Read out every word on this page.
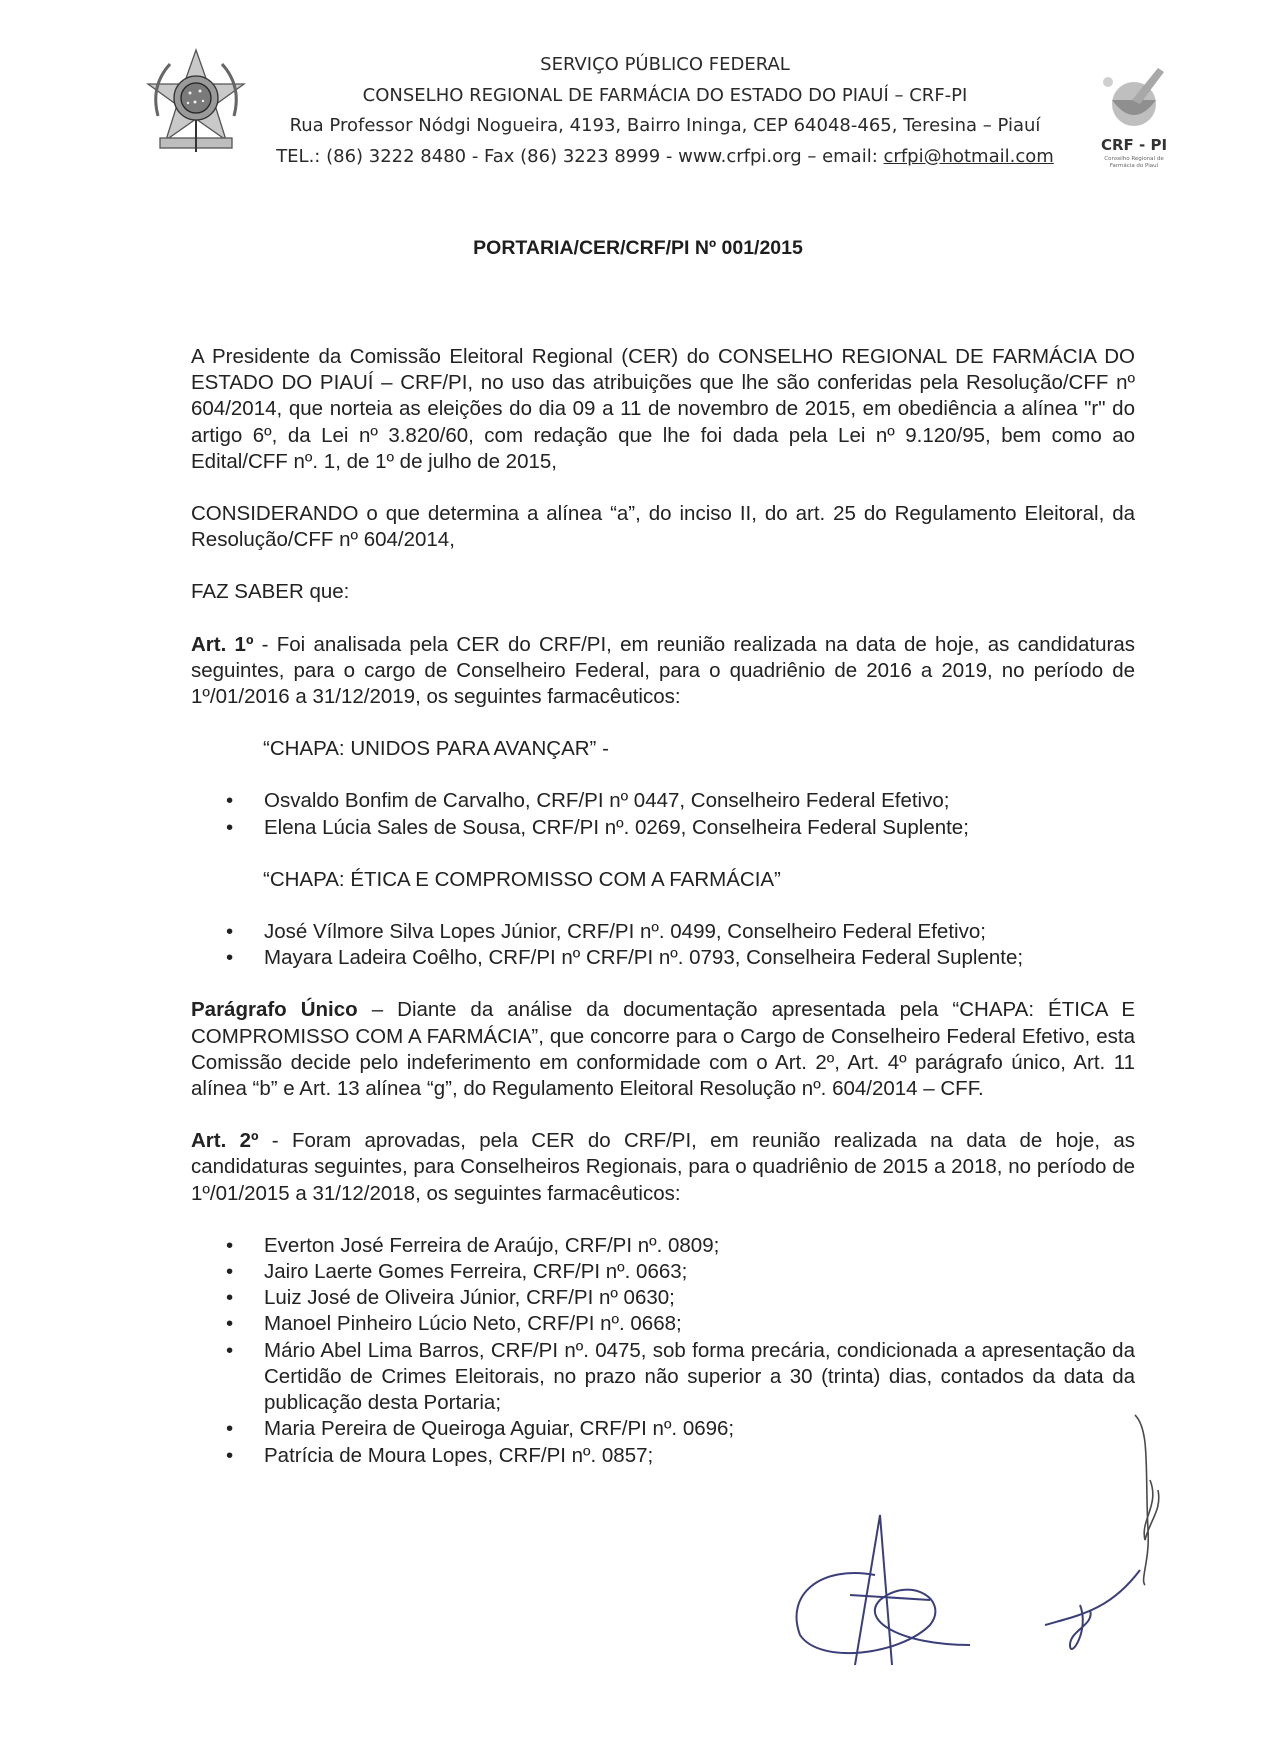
SERVIÇO PÚBLICO FEDERAL
CONSELHO REGIONAL DE FARMÁCIA DO ESTADO DO PIAUÍ – CRF-PI
Rua Professor Nódgi Nogueira, 4193, Bairro Ininga, CEP 64048-465, Teresina – Piauí
TEL.: (86) 3222 8480 - Fax (86) 3223 8999 - www.crfpi.org – email: crfpi@hotmail.com
CRF - PI
Conselho Regional de
Farmácia do Piauí
PORTARIA/CER/CRF/PI Nº 001/2015

A Presidente da Comissão Eleitoral Regional (CER) do CONSELHO REGIONAL DE FARMÁCIA DO ESTADO DO PIAUÍ – CRF/PI, no uso das atribuições que lhe são conferidas pela Resolução/CFF nº 604/2014, que norteia as eleições do dia 09 a 11 de novembro de 2015, em obediência a alínea "r" do artigo 6º, da Lei nº 3.820/60, com redação que lhe foi dada pela Lei nº 9.120/95, bem como ao Edital/CFF nº. 1, de 1º de julho de 2015,

CONSIDERANDO o que determina a alínea “a”, do inciso II, do art. 25 do Regulamento Eleitoral, da Resolução/CFF nº 604/2014,

FAZ SABER que:

Art. 1º - Foi analisada pela CER do CRF/PI, em reunião realizada na data de hoje, as candidaturas seguintes, para o cargo de Conselheiro Federal, para o quadriênio de 2016 a 2019, no período de 1º/01/2016 a 31/12/2019, os seguintes farmacêuticos:

“CHAPA: UNIDOS PARA AVANÇAR” -

• Osvaldo Bonfim de Carvalho, CRF/PI nº 0447, Conselheiro Federal Efetivo;
• Elena Lúcia Sales de Sousa, CRF/PI nº. 0269, Conselheira Federal Suplente;

“CHAPA: ÉTICA E COMPROMISSO COM A FARMÁCIA”

• José Vílmore Silva Lopes Júnior, CRF/PI nº. 0499, Conselheiro Federal Efetivo;
• Mayara Ladeira Coêlho, CRF/PI nº CRF/PI nº. 0793, Conselheira Federal Suplente;

Parágrafo Único – Diante da análise da documentação apresentada pela “CHAPA: ÉTICA E COMPROMISSO COM A FARMÁCIA”, que concorre para o Cargo de Conselheiro Federal Efetivo, esta Comissão decide pelo indeferimento em conformidade com o Art. 2º, Art. 4º parágrafo único, Art. 11 alínea “b” e Art. 13 alínea “g”, do Regulamento Eleitoral Resolução nº. 604/2014 – CFF.

Art. 2º - Foram aprovadas, pela CER do CRF/PI, em reunião realizada na data de hoje, as candidaturas seguintes, para Conselheiros Regionais, para o quadriênio de 2015 a 2018, no período de 1º/01/2015 a 31/12/2018, os seguintes farmacêuticos:

• Everton José Ferreira de Araújo, CRF/PI nº. 0809;
• Jairo Laerte Gomes Ferreira, CRF/PI nº. 0663;
• Luiz José de Oliveira Júnior, CRF/PI nº 0630;
• Manoel Pinheiro Lúcio Neto, CRF/PI nº. 0668;
• Mário Abel Lima Barros, CRF/PI nº. 0475, sob forma precária, condicionada a apresentação da Certidão de Crimes Eleitorais, no prazo não superior a 30 (trinta) dias, contados da data da publicação desta Portaria;
• Maria Pereira de Queiroga Aguiar, CRF/PI nº. 0696;
• Patrícia de Moura Lopes, CRF/PI nº. 0857;
